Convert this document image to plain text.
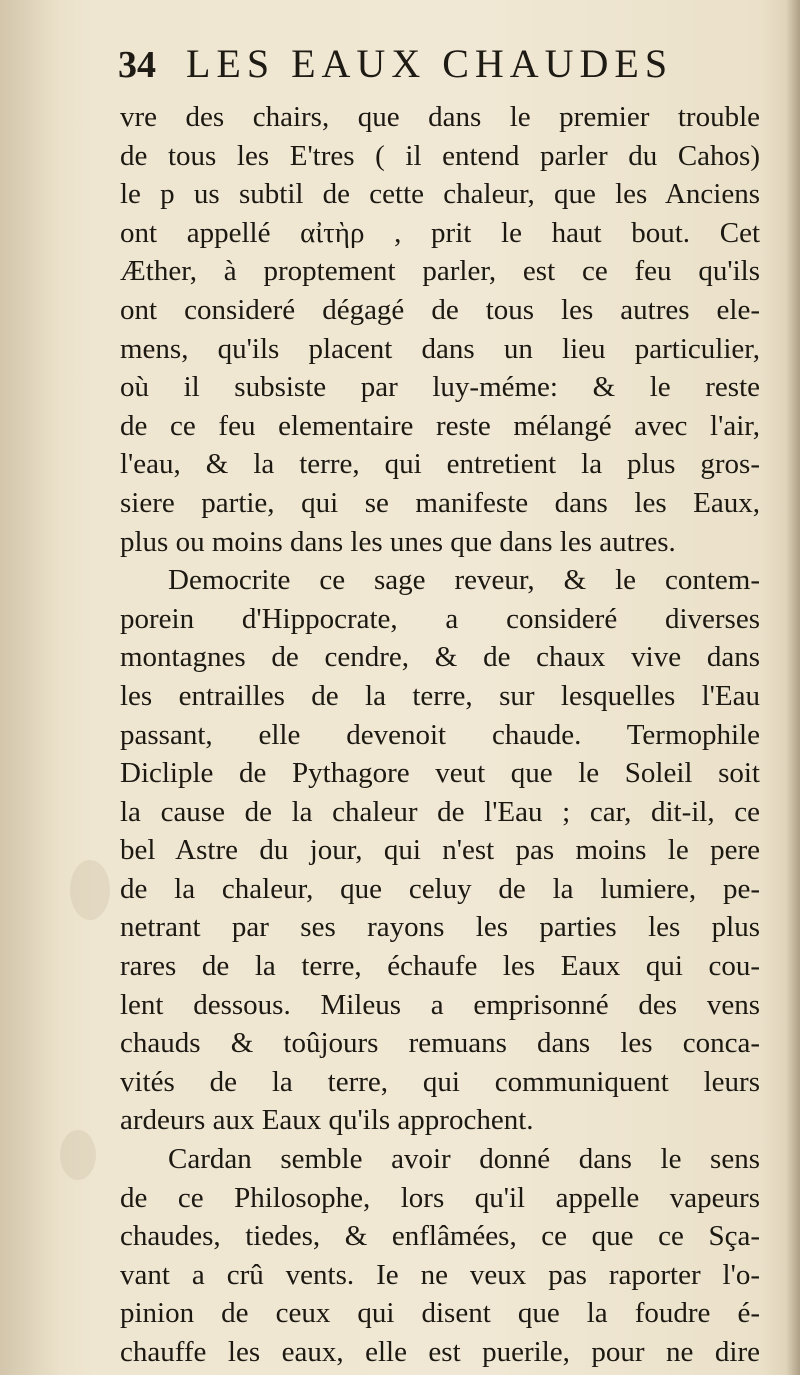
34 LES EAUX CHAUDES
vre des chairs, que dans le premier trouble
de tous les E'tres ( il entend parler du Cahos)
le p us subtil de cette chaleur, que les Anciens
ont appellé αἰτὴρ , prit le haut bout. Cet
Æther, à proptement parler, est ce feu qu'ils
ont consideré dégagé de tous les autres ele-
mens, qu'ils placent dans un lieu particulier,
où il subsiste par luy-méme: & le reste
de ce feu elementaire reste mélangé avec l'air,
l'eau, & la terre, qui entretient la plus gros-
siere partie, qui se manifeste dans les Eaux,
plus ou moins dans les unes que dans les autres.
Democrite ce sage reveur, & le contem-
porein d'Hippocrate, a consideré diverses
montagnes de cendre, & de chaux vive dans
les entrailles de la terre, sur lesquelles l'Eau
passant, elle devenoit chaude. Termophile
Dicliple de Pythagore veut que le Soleil soit
la cause de la chaleur de l'Eau ; car, dit-il, ce
bel Astre du jour, qui n'est pas moins le pere
de la chaleur, que celuy de la lumiere, pe-
netrant par ses rayons les parties les plus
rares de la terre, échaufe les Eaux qui cou-
lent dessous. Mileus a emprisonné des vens
chauds & toûjours remuans dans les conca-
vités de la terre, qui communiquent leurs
ardeurs aux Eaux qu'ils approchent.
Cardan semble avoir donné dans le sens
de ce Philosophe, lors qu'il appelle vapeurs
chaudes, tiedes, & enflâmées, ce que ce Sça-
vant a crû vents. Ie ne veux pas raporter l'o-
pinion de ceux qui disent que la foudre é-
chauffe les eaux, elle est puerile, pour ne dire
